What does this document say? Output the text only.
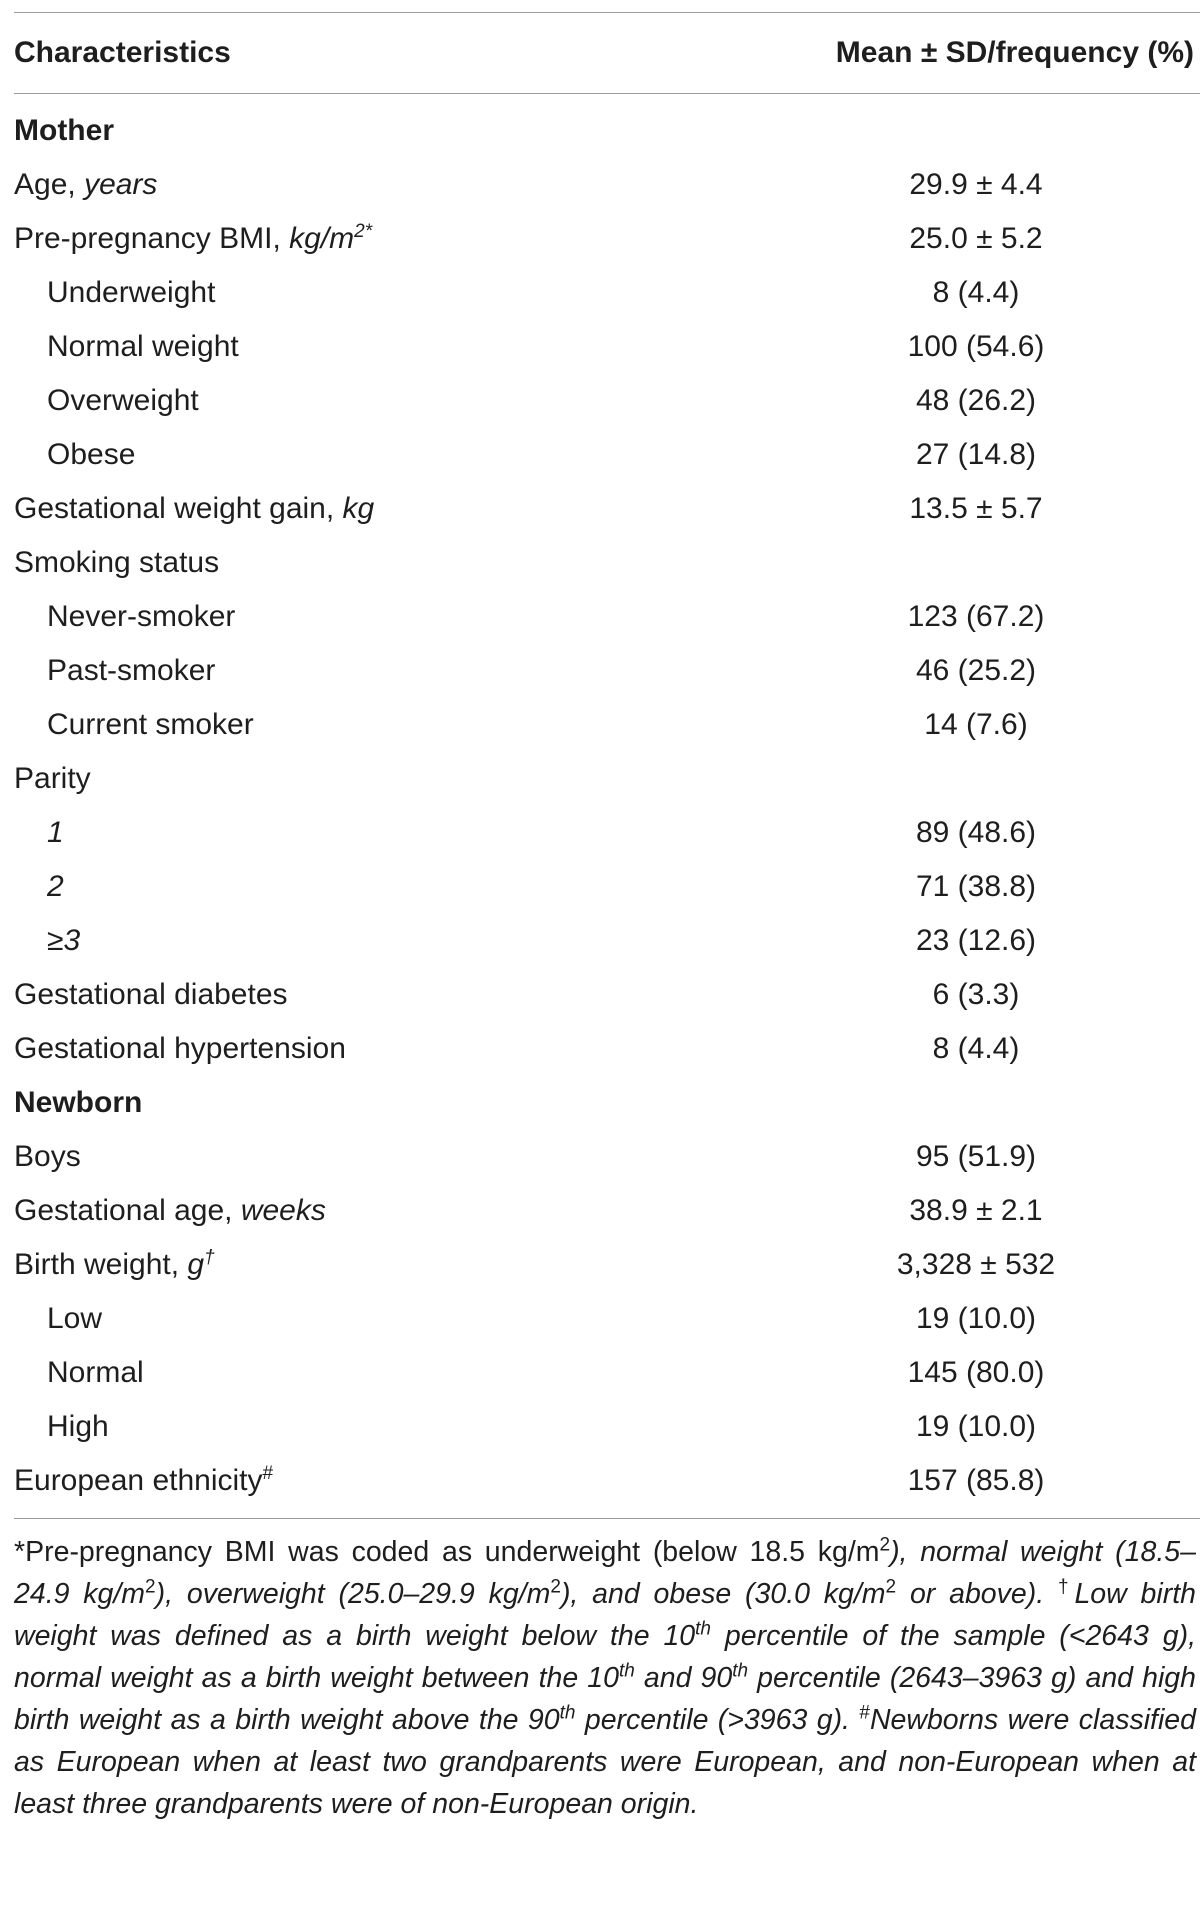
Characteristics	Mean ± SD/frequency (%)
Mother
Age, years	29.9 ± 4.4
Pre-pregnancy BMI, $kg/m^{2*}$	25.0 ± 5.2
Underweight	8 (4.4)
Normal weight	100 (54.6)
Overweight	48 (26.2)
Obese	27 (14.8)
Gestational weight gain, kg	13.5 ± 5.7
Smoking status
Never-smoker	123 (67.2)
Past-smoker	46 (25.2)
Current smoker	14 (7.6)
Parity
1	89 (48.6)
2	71 (38.8)
≥3	23 (12.6)
Gestational diabetes	6 (3.3)
Gestational hypertension	8 (4.4)
Newborn
Boys	95 (51.9)
Gestational age, weeks	38.9 ± 2.1
Birth weight, g†	3,328 ± 532
Low	19 (10.0)
Normal	145 (80.0)
High	19 (10.0)
European ethnicity#	157 (85.8)
*Pre-pregnancy BMI was coded as underweight (below 18.5 $kg/m^2$), normal weight (18.5–24.9 $kg/m^2$), overweight (25.0–29.9 $kg/m^2$), and obese (30.0 $kg/m^2$ or above). †Low birth weight was defined as a birth weight below the 10th percentile of the sample (<2643 g), normal weight as a birth weight between the 10th and 90th percentile (2643–3963 g) and high birth weight as a birth weight above the 90th percentile (>3963 g). #Newborns were classified as European when at least two grandparents were European, and non-European when at least three grandparents were of non-European origin.
